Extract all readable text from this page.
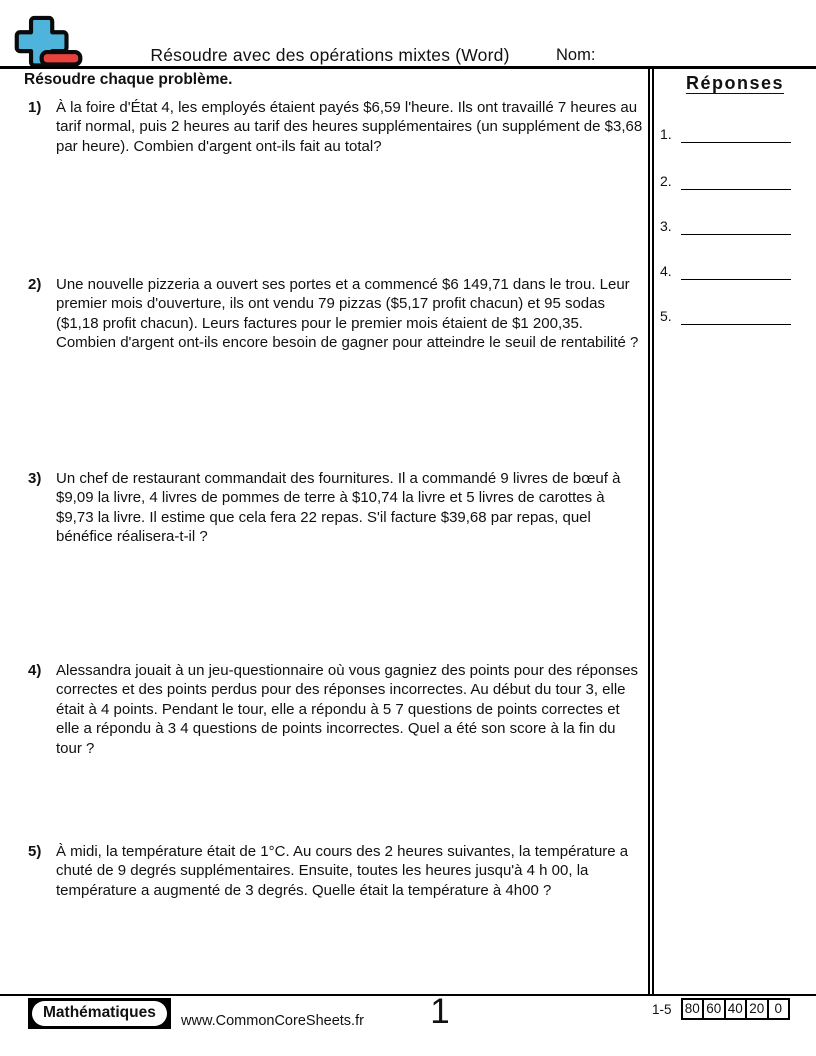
Résoudre avec des opérations mixtes (Word)	Nom:
Résoudre chaque problème.
1) À la foire d'État 4, les employés étaient payés $6,59 l'heure. Ils ont travaillé 7 heures au tarif normal, puis 2 heures au tarif des heures supplémentaires (un supplément de $3,68 par heure). Combien d'argent ont-ils fait au total?
2) Une nouvelle pizzeria a ouvert ses portes et a commencé $6 149,71 dans le trou. Leur premier mois d'ouverture, ils ont vendu 79 pizzas ($5,17 profit chacun) et 95 sodas ($1,18 profit chacun). Leurs factures pour le premier mois étaient de $1 200,35. Combien d'argent ont-ils encore besoin de gagner pour atteindre le seuil de rentabilité ?
3) Un chef de restaurant commandait des fournitures. Il a commandé 9 livres de bœuf à $9,09 la livre, 4 livres de pommes de terre à $10,74 la livre et 5 livres de carottes à $9,73 la livre. Il estime que cela fera 22 repas. S'il facture $39,68 par repas, quel bénéfice réalisera-t-il ?
4) Alessandra jouait à un jeu-questionnaire où vous gagniez des points pour des réponses correctes et des points perdus pour des réponses incorrectes. Au début du tour 3, elle était à 4 points. Pendant le tour, elle a répondu à 5 7 questions de points correctes et elle a répondu à 3 4 questions de points incorrectes. Quel a été son score à la fin du tour ?
5) À midi, la température était de 1°C. Au cours des 2 heures suivantes, la température a chuté de 9 degrés supplémentaires. Ensuite, toutes les heures jusqu'à 4 h 00, la température a augmenté de 3 degrés. Quelle était la température à 4h00 ?
Réponses
1.
2.
3.
4.
5.
Mathématiques	www.CommonCoreSheets.fr	1	1-5 80 60 40 20 0
